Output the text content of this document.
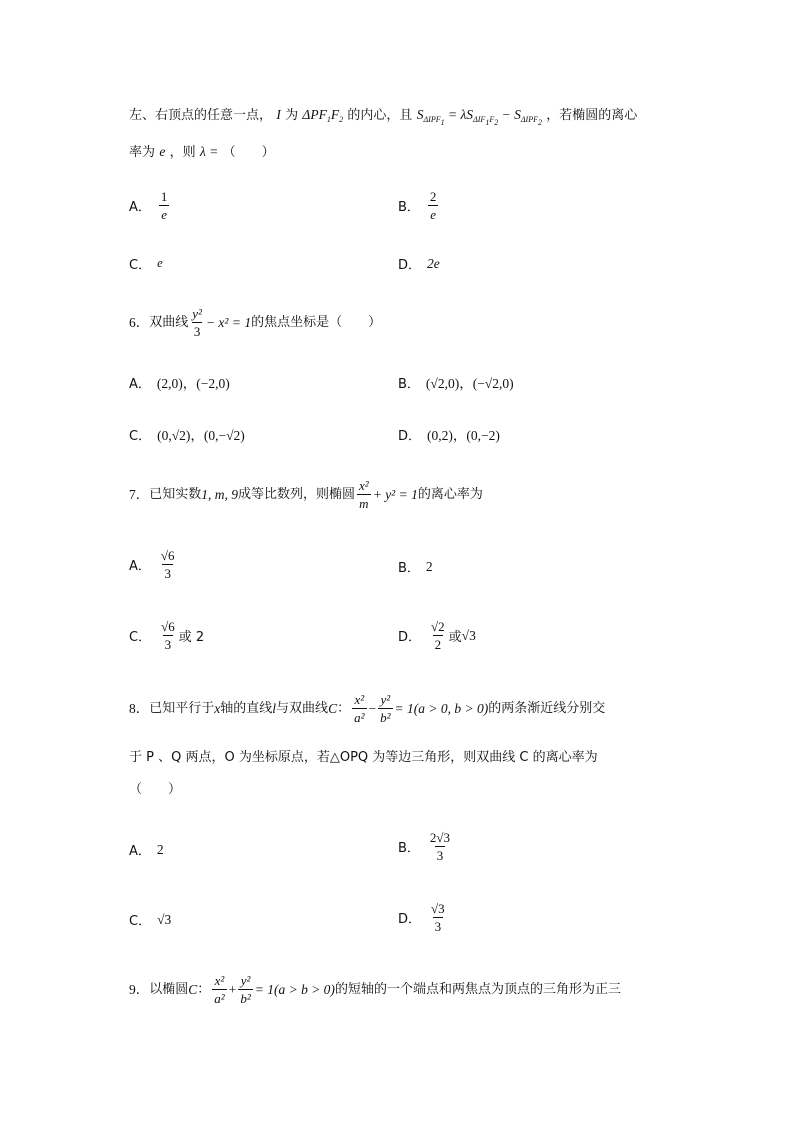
左、右顶点的任意一点， I 为 $\Delta PF_1F_2$ 的内心，且 $S_{\Delta IPF_1} = \lambda S_{\Delta IF_1F_2} - S_{\Delta IPF_2}$ ，若椭圆的离心
率为 e ，则 λ = （　　）
A． $\frac{1}{e}$	B． $\frac{2}{e}$
C． e	D． 2e
6． 双曲线 $\frac{\text{y²}}{3} - x^2 = 1$ 的焦点坐标是（　　）
A． (2,0)，(−2,0)	B． (√2,0)，(−√2,0)
C． (0,√2)，(0,−√2)	D． (0,2)，(0,−2)
7． 已知实数 1, m, 9 成等比数列，则椭圆 $\frac{\text{x²}}{m} + y^2 = 1$ 的离心率为
A． $\frac{√6}{3}$	B． 2
C． $\frac{√6}{3}$ 或 2	D． $\frac{√2}{2}$ 或 √3
8． 已知平行于 x 轴的直线 l 与双曲线 C ： $\frac{\text{x²}}{\text{a²}} - \frac{\text{y²}}{\text{b²}} = 1(a > 0$, b > 0) 的两条渐近线分别交
于 P 、Q 两点，O 为坐标原点，若△OPQ 为等边三角形，则双曲线 C 的离心率为
（　　）
A． 2	B． $\frac{2√3}{3}$
C． √3	D． $\frac{√3}{3}$
9． 以椭圆 C ： $\frac{\text{x²}}{\text{a²}} + \frac{\text{y²}}{\text{b²}} = 1(a > b > 0)$ 的短轴的一个端点和两焦点为顶点的三角形为正三
